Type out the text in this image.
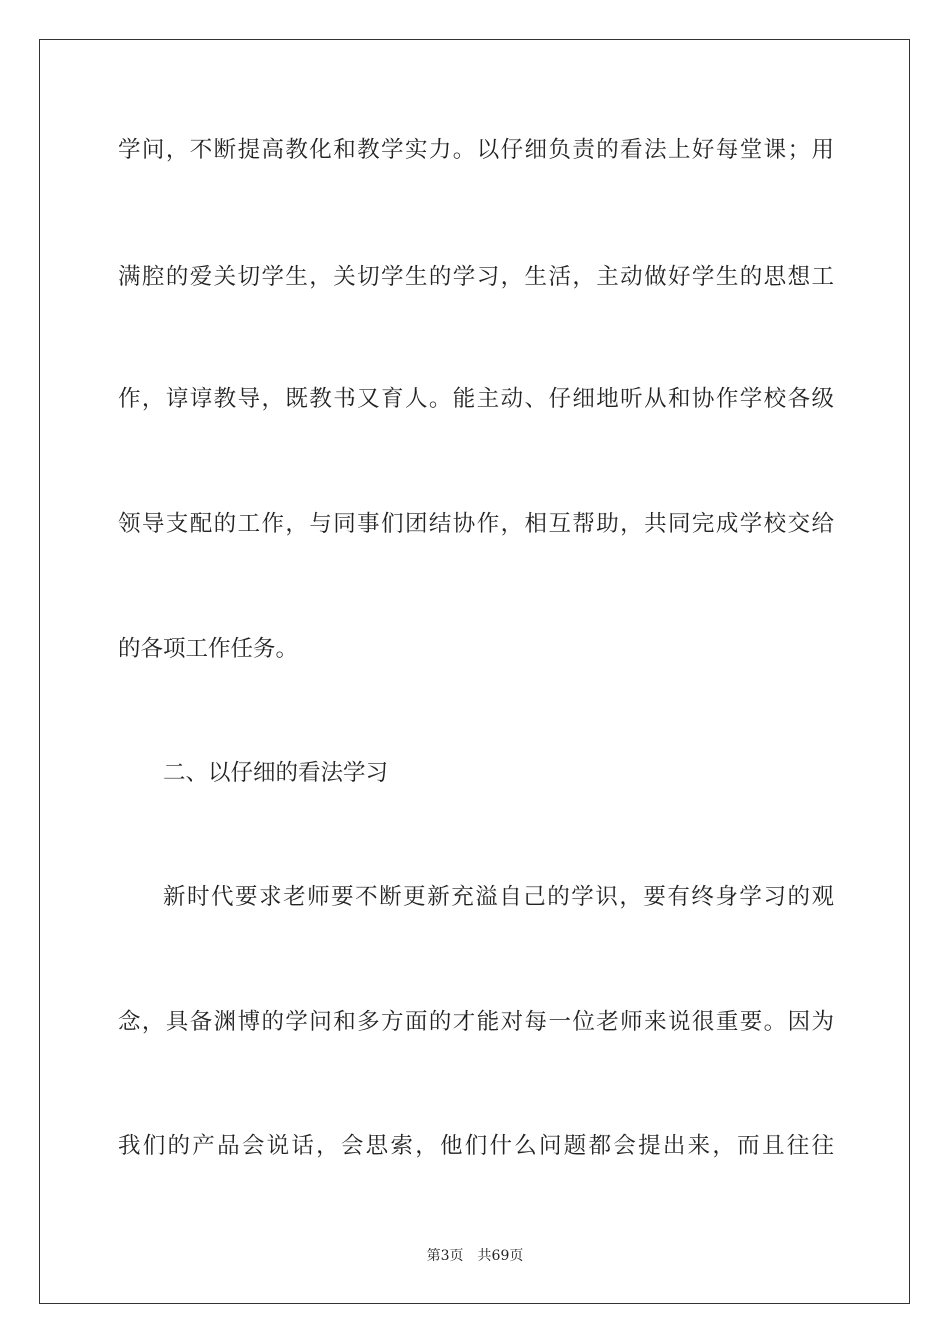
学问，不断提高教化和教学实力。以仔细负责的看法上好每堂课；用
满腔的爱关切学生，关切学生的学习，生活，主动做好学生的思想工
作，谆谆教导，既教书又育人。能主动、仔细地听从和协作学校各级
领导支配的工作，与同事们团结协作，相互帮助，共同完成学校交给
的各项工作任务。
二、以仔细的看法学习
新时代要求老师要不断更新充溢自己的学识，要有终身学习的观
念，具备渊博的学问和多方面的才能对每一位老师来说很重要。因为
我们的产品会说话，会思索，他们什么问题都会提出来，而且往往
第3页 共69页
